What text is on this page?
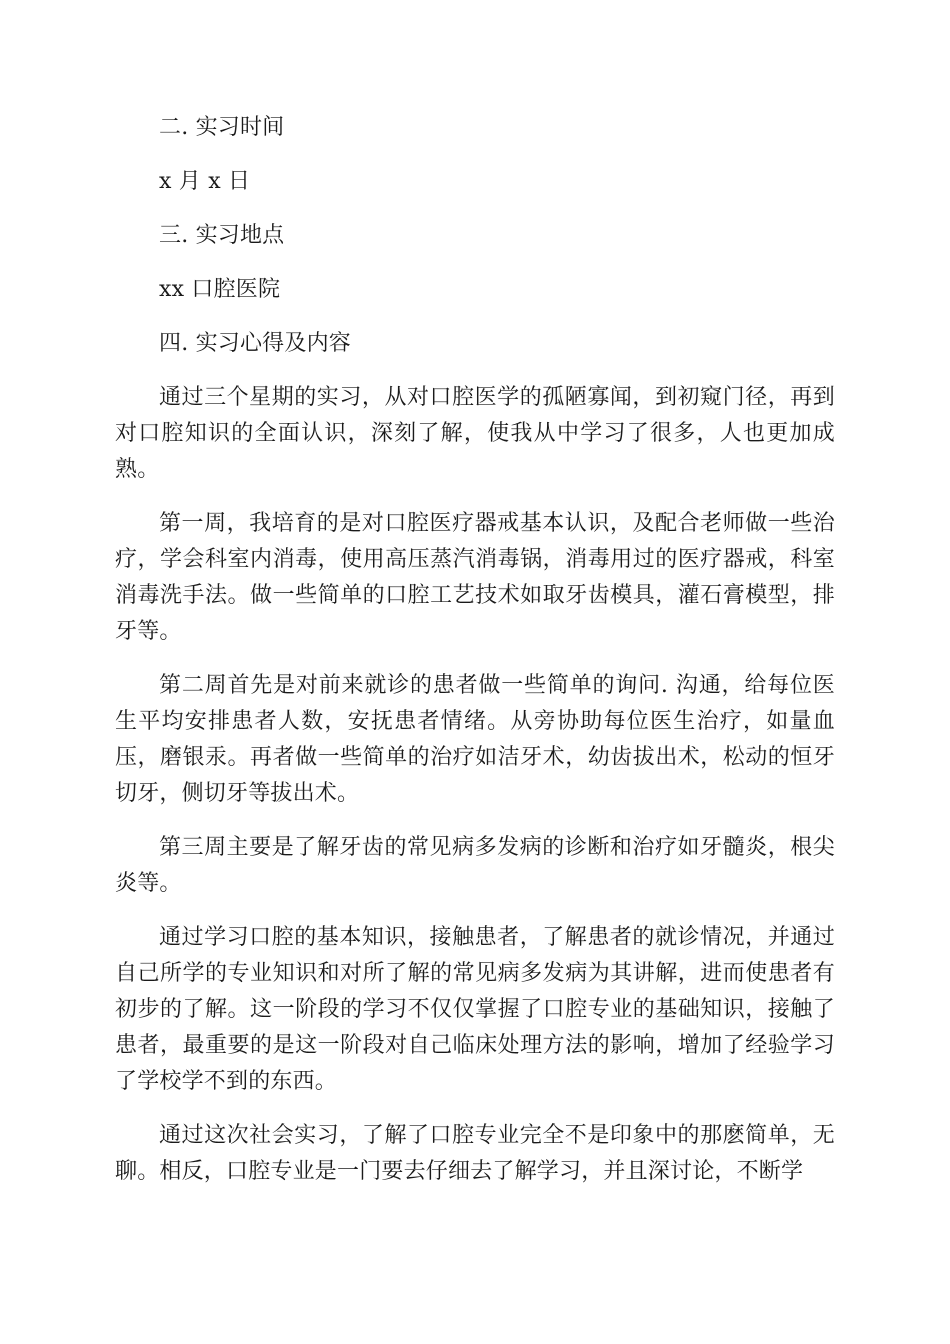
二. 实习时间

x 月 x 日

三. 实习地点

xx 口腔医院

四. 实习心得及内容

通过三个星期的实习，从对口腔医学的孤陋寡闻，到初窥门径，再到对口腔知识的全面认识，深刻了解，使我从中学习了很多，人也更加成熟。

第一周，我培育的是对口腔医疗器戒基本认识，及配合老师做一些治疗，学会科室内消毒，使用高压蒸汽消毒锅，消毒用过的医疗器戒，科室消毒洗手法。做一些简单的口腔工艺技术如取牙齿模具，灌石膏模型，排牙等。

第二周首先是对前来就诊的患者做一些简单的询问. 沟通，给每位医生平均安排患者人数，安抚患者情绪。从旁协助每位医生治疗，如量血压，磨银汞。再者做一些简单的治疗如洁牙术，幼齿拔出术，松动的恒牙切牙，侧切牙等拔出术。

第三周主要是了解牙齿的常见病多发病的诊断和治疗如牙髓炎，根尖炎等。

通过学习口腔的基本知识，接触患者，了解患者的就诊情况，并通过自己所学的专业知识和对所了解的常见病多发病为其讲解，进而使患者有初步的了解。这一阶段的学习不仅仅掌握了口腔专业的基础知识，接触了患者，最重要的是这一阶段对自己临床处理方法的影响，增加了经验学习了学校学不到的东西。

通过这次社会实习，了解了口腔专业完全不是印象中的那麽简单，无聊。相反，口腔专业是一门要去仔细去了解学习，并且深讨论，不断学
